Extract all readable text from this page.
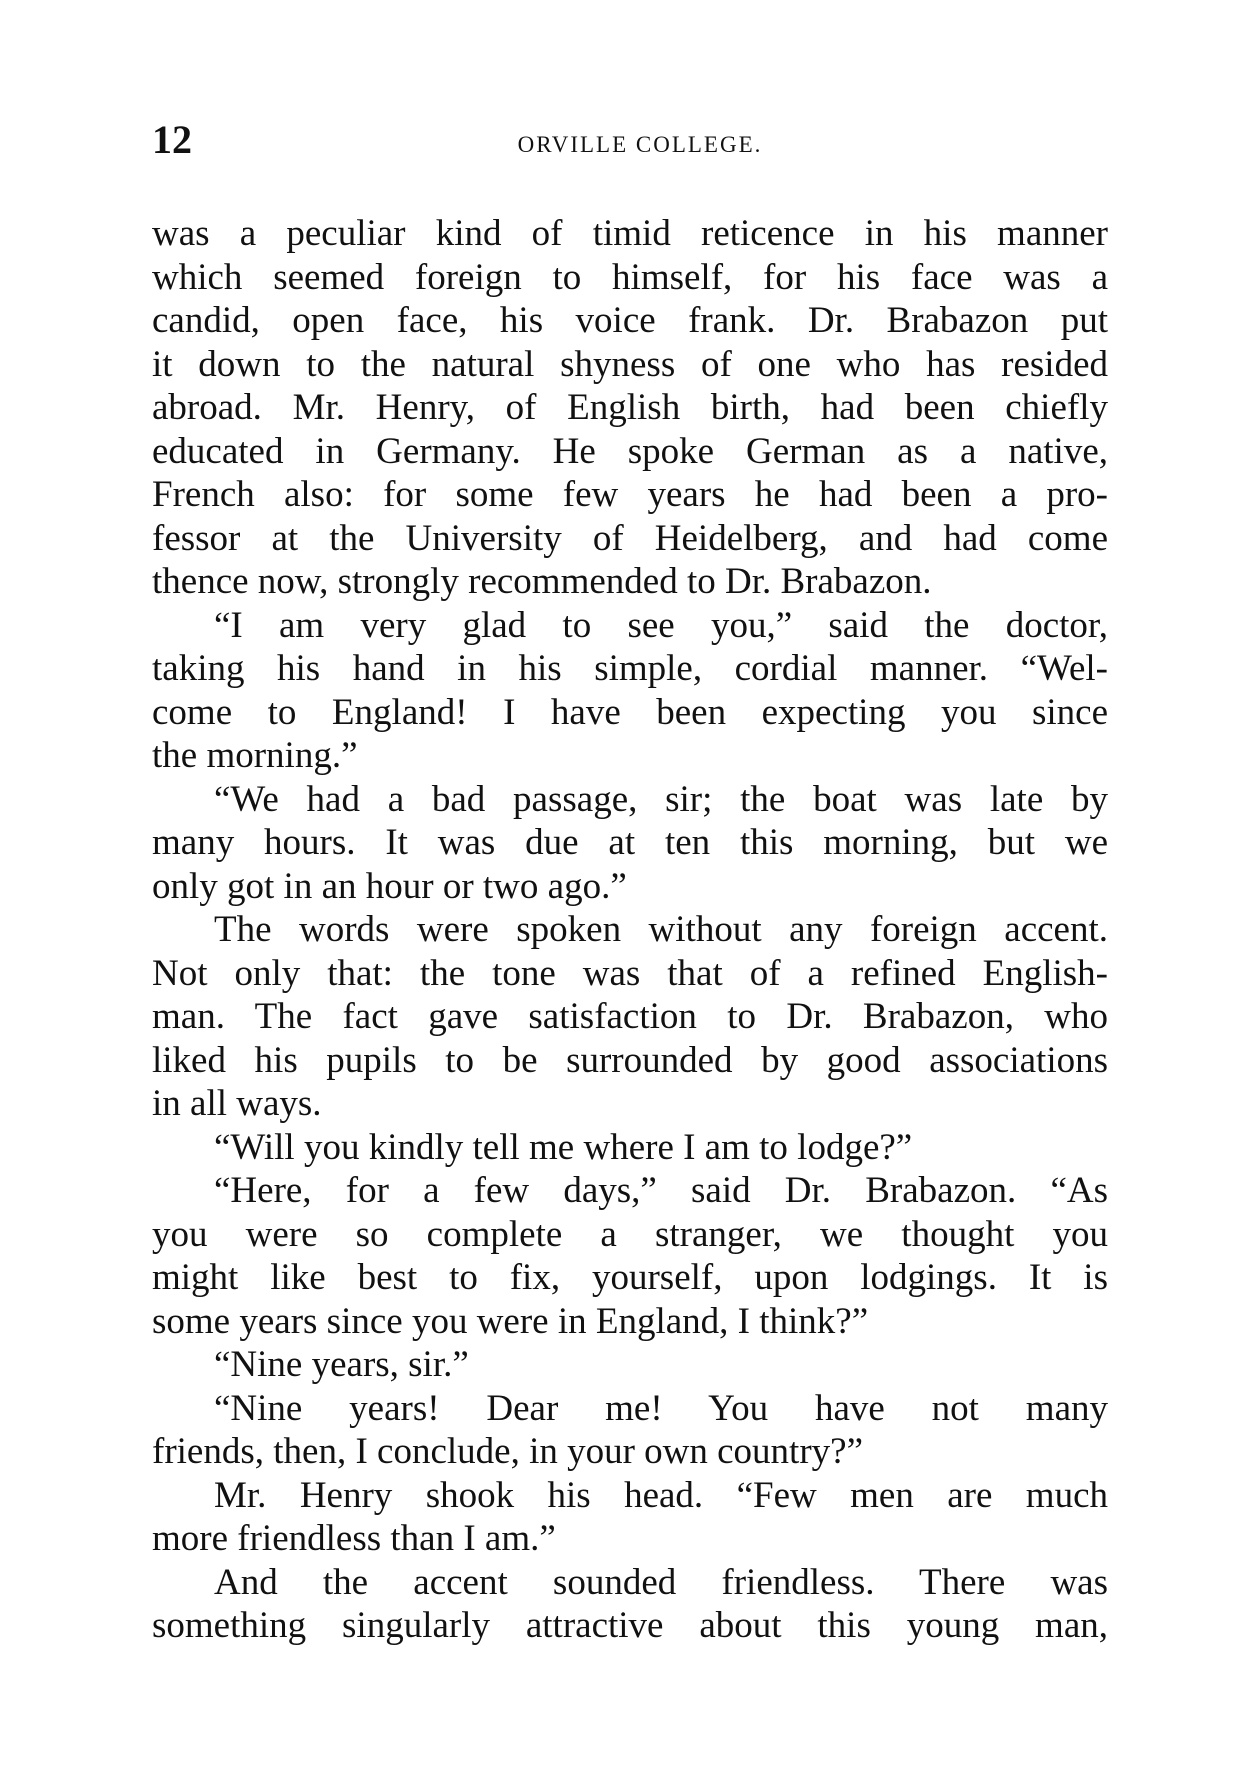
12	ORVILLE COLLEGE.
was a peculiar kind of timid reticence in his manner
which seemed foreign to himself, for his face was a
candid, open face, his voice frank. Dr. Brabazon put
it down to the natural shyness of one who has resided
abroad. Mr. Henry, of English birth, had been chiefly
educated in Germany. He spoke German as a native,
French also: for some few years he had been a pro-
fessor at the University of Heidelberg, and had come
thence now, strongly recommended to Dr. Brabazon.
“I am very glad to see you,” said the doctor,
taking his hand in his simple, cordial manner. “Wel-
come to England! I have been expecting you since
the morning.”
“We had a bad passage, sir; the boat was late by
many hours. It was due at ten this morning, but we
only got in an hour or two ago.”
The words were spoken without any foreign accent.
Not only that: the tone was that of a refined English-
man. The fact gave satisfaction to Dr. Brabazon, who
liked his pupils to be surrounded by good associations
in all ways.
“Will you kindly tell me where I am to lodge?”
“Here, for a few days,” said Dr. Brabazon. “As
you were so complete a stranger, we thought you
might like best to fix, yourself, upon lodgings. It is
some years since you were in England, I think?”
“Nine years, sir.”
“Nine years! Dear me! You have not many
friends, then, I conclude, in your own country?”
Mr. Henry shook his head. “Few men are much
more friendless than I am.”
And the accent sounded friendless. There was
something singularly attractive about this young man,
